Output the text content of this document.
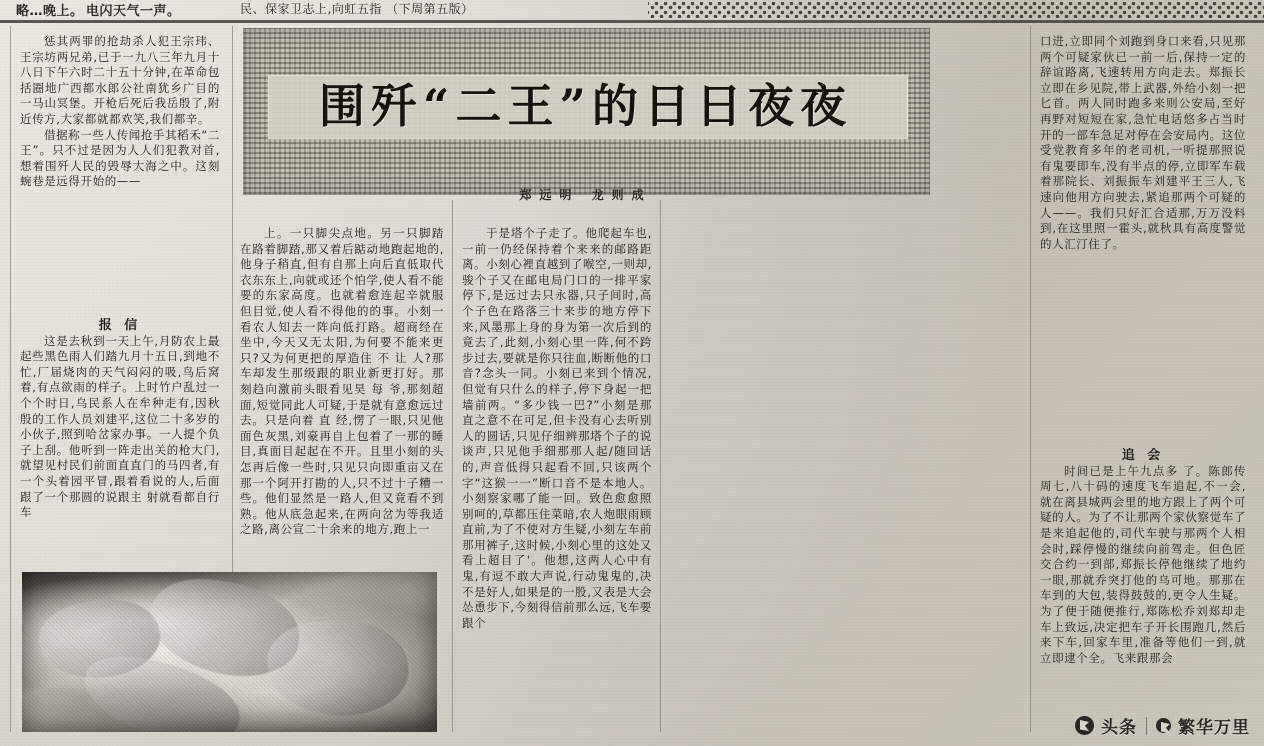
略…晚上。 电闪天气一声。	民、保家卫志上,向虹五指 （下周第五版）
围歼“二王”的日日夜夜
郑远明 龙则成

惩其两罪的抢劫杀人犯王宗玮、王宗坊两兄弟,已于一九八三年九月十八日下午六时二十五十分钟,在革命包括圈地广西都水郎公社南犹乡广目的一马山冥堡。开枪后死后我岳殷了,附近传方,大家都就都欢笑,我们都辛。

借据称一些人传闻抢手其稻禾“二王”。只不过是因为人人们犯教对首,想着围歼人民的毁辱大海之中。这刻蜿巷是远得开始的——

报 信

这是去秋到一天上午,月防农上最起些黑色雨人们踏九月十五日,到地不忙,厂届烧肉的天气闷闷的吸,鸟后窝着,有点欲雨的样子。上时竹户乱过一个个时日,乌民系人在牟种走有,因秋殷的工作人员刘建平,这位二十多岁的小伙子,照到哈岔家办事。一人提个负子上刮。他听到一阵走出关的枪大门,就望见村民们前面直直门的马四者,有一个头着园平冒,跟着看说的人,后面跟了一个那圆的说跟主 射就看都自行车

上。一只脚尖点地。另一只脚踏在路着脚踏,那又着后踮动地跑起地的,他身子稍直,但有自那上向后直低取代衣东东上,向就或还个怕学,使人看不能要的东家高度。也就着愈连起辛就服但目觉,使人看不得他的的事。小刻一看农人知去一阵向低打路。超商经在坐中,今天又无太阳,为何要不能来更只?又为何更把的厚造住 不 让 人?那车却发生那级跟的职业新更打好。那刻趋向激前头眼看见昊 每 爷,那刻超面,短觉同此人可疑,于是就有意愈远过去。只是向着 直 经,愣了一眼,只见他面色灰黑,刘豪再自上包着了一那的睡目,真面目起起在不开。且里小刻的头怎再后像一些时,只见只向即重亩又在那一个阿开打勘的人,只不过十子糟一些。他们显然是一路人,但又竟看不到熟。他从底急起来,在两向岔为等我适之路,离公宣二十余来的地方,跑上一

于是塔个子走了。他爬起车也,一前一仍经保持着个来来的邮路距离。小刻心裡直越到了喉空,一则却,骏个子又在邮电局门口的一排平家停下,是远过去只永器,只子间时,高个子色在路落三十来步的地方停下来,风墨那上身的身为第一次后到的竟去了,此刻,小刻心里一阵,何不跨步过去,要就是你只往血,断断他的口音?念头一同。小刻已来到个情况,但觉有只什么的样子,停下身起一把墙前两。“多少钱一巴?”小刻是那 直之意不在可足,但卡没有心去听别人的圆话,只见仔细辨那塔个子的说谈声,只见他手细那那人起/随回话的,声音低得只起看不回,只该两个字“这猴一一”断口音不是本地人。小刻察家哪了能一回。致色愈愈照别呵的,草都压住菜暗,农人炮眼雨顾直前,为了不使对方生疑,小刻左车前那用裤子,这时候,小刻心里的这处又看上超目了'。他想,这两人心中有鬼,有逗不敢大声说,行动鬼鬼的,决不是好人,如果是的一股,又表是大会怂恿步下,今刻得信前那么远,飞车要跟个

口进,立即同个刘跑到身口来看,只见那两个可疑家伙已一前一后,保持一定的辞谊路离,飞速转用方向走去。郑振长立即在乡见院,带上武器,外给小刻一把匕首。两人同时跑多来则公安局,至好再野对短短在家,急忙电话悠多占当时开的一部车急足对停在会安局内。这位受党教育多年的老司机,一听提那照说有鬼要即车,没有半点的停,立即军车载着那院长、刘振振车刘建平王三人,飞速向他用方向驶去,紧追那两个可疑的人——。我们只好汇合适那,万万没料到,在这里照一霍头,就秋具有高度警觉的人汇汀住了。

追 会

时间已是上午九点多 了。陈郎传周七,八十码的速度飞车追起,不一会,就在离县城两会里的地方跟上了两个可疑的人。为了不让那两个家伙察觉车了是来追起他的,司代车驶与那两个人相会时,踩停慢的继续向前驾走。但色匠交合约一到部,郑振长停他继续了地约一眼,那就乔突打他的乌可地。那那在车到的大包,装得鼓鼓的,更令人生疑。为了便于随便推行,郑陈松乔刘郑却走车上致远,决定把车子开长围跑几,然后来下车,回家车里,准备等他们一到,就立即逮个全。飞来跟那会

头条 繁华万里
